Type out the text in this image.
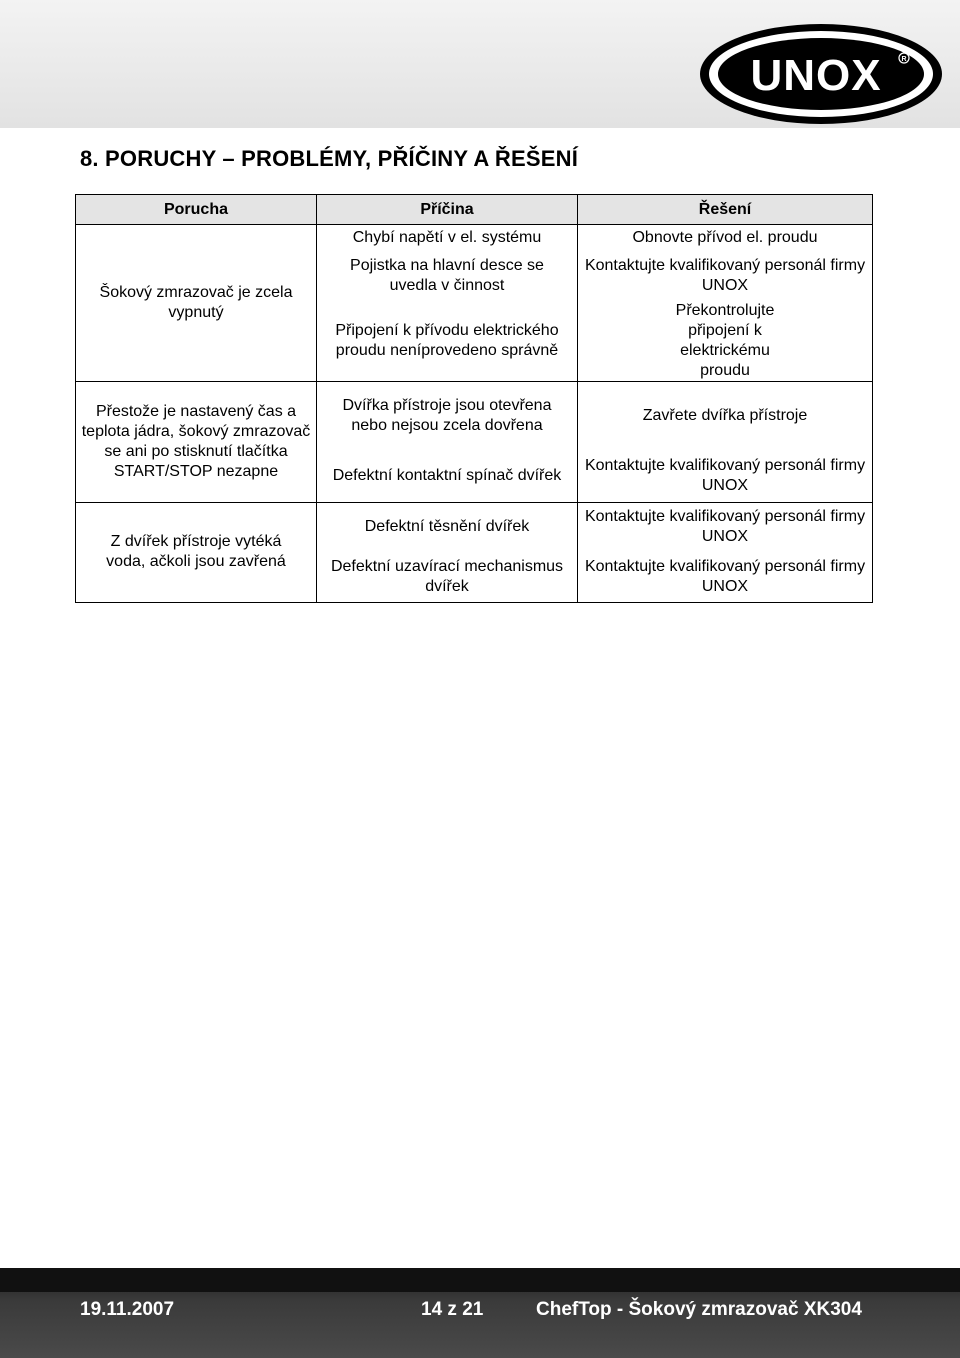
UNOX	R
8. PORUCHY – PROBLÉMY, PŘÍČINY A ŘEŠENÍ
Porucha	Příčina	Řešení
Šokový zmrazovač je zcela vypnutý	Chybí napětí v el. systému	Obnovte přívod el. proudu
	Pojistka na hlavní desce se uvedla v činnost	Kontaktujte kvalifikovaný personál firmy UNOX
	Připojení k přívodu elektrického proudu neníprovedeno správně	Překontrolujte připojení k elektrickému proudu
Přestože je nastavený čas a teplota jádra, šokový zmrazovač se ani po stisknutí tlačítka START/STOP nezapne	Dvířka přístroje jsou otevřena nebo nejsou zcela dovřena	Zavřete dvířka přístroje
	Defektní kontaktní spínač dvířek	Kontaktujte kvalifikovaný personál firmy UNOX
Z dvířek přístroje vytéká voda, ačkoli jsou zavřená	Defektní těsnění dvířek	Kontaktujte kvalifikovaný personál firmy UNOX
	Defektní uzavírací mechanismus dvířek	Kontaktujte kvalifikovaný personál firmy UNOX
19.11.2007	14 z 21	ChefTop - Šokový zmrazovač XK304
